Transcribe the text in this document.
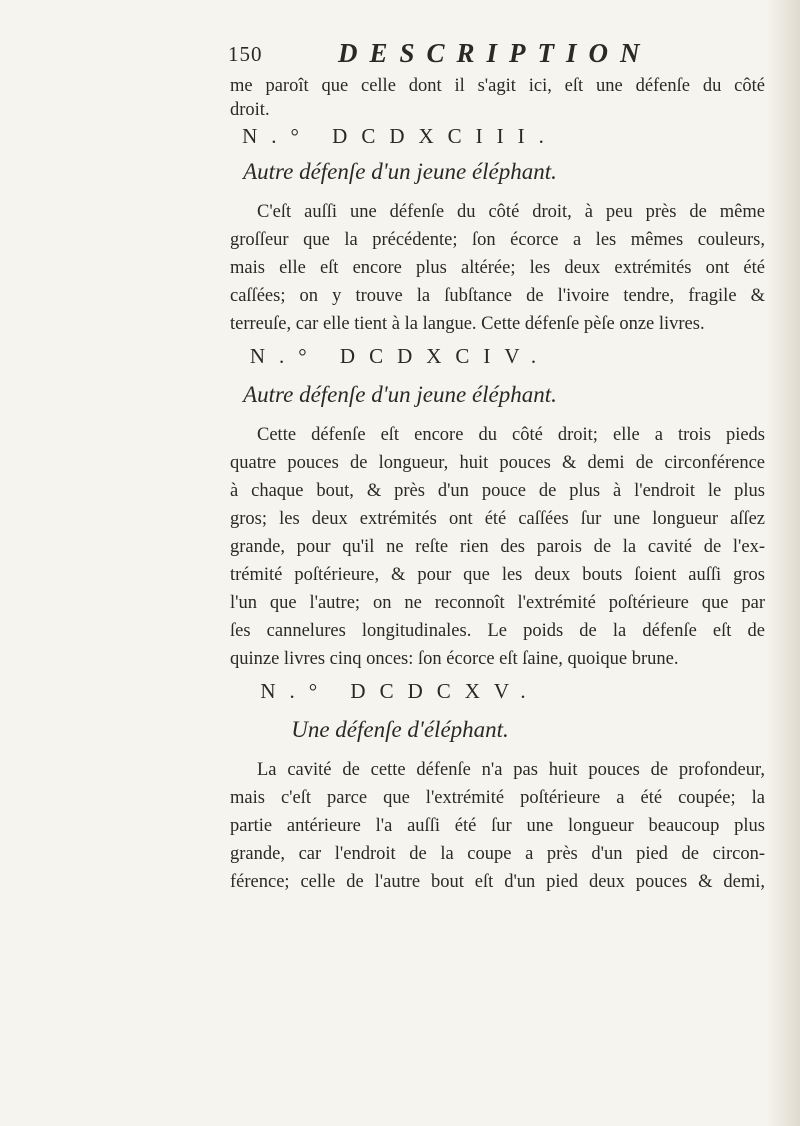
150	DESCRIPTION
me paroît que celle dont il s'agit ici, eſt une défenſe du côté
droit.
N.° DCDXCIII.
Autre défenſe d'un jeune éléphant.
C'eſt auſſi une défenſe du côté droit, à peu près de même
groſſeur que la précédente; ſon écorce a les mêmes couleurs,
mais elle eſt encore plus altérée; les deux extrémités ont été
caſſées; on y trouve la ſubſtance de l'ivoire tendre, fragile &
terreuſe, car elle tient à la langue. Cette défenſe pèſe onze livres.
N.° DCDXCIV.
Autre défenſe d'un jeune éléphant.
Cette défenſe eſt encore du côté droit; elle a trois pieds
quatre pouces de longueur, huit pouces & demi de circonférence
à chaque bout, & près d'un pouce de plus à l'endroit le plus
gros; les deux extrémités ont été caſſées ſur une longueur aſſez
grande, pour qu'il ne reſte rien des parois de la cavité de l'ex-
trémité poſtérieure, & pour que les deux bouts ſoient auſſi gros
l'un que l'autre; on ne reconnoît l'extrémité poſtérieure que par
ſes cannelures longitudinales. Le poids de la défenſe eſt de
quinze livres cinq onces: ſon écorce eſt ſaine, quoique brune.
N.° DCDCXV.
Une défenſe d'éléphant.
La cavité de cette défenſe n'a pas huit pouces de profondeur,
mais c'eſt parce que l'extrémité poſtérieure a été coupée; la
partie antérieure l'a auſſi été ſur une longueur beaucoup plus
grande, car l'endroit de la coupe a près d'un pied de circon-
férence; celle de l'autre bout eſt d'un pied deux pouces & demi,
